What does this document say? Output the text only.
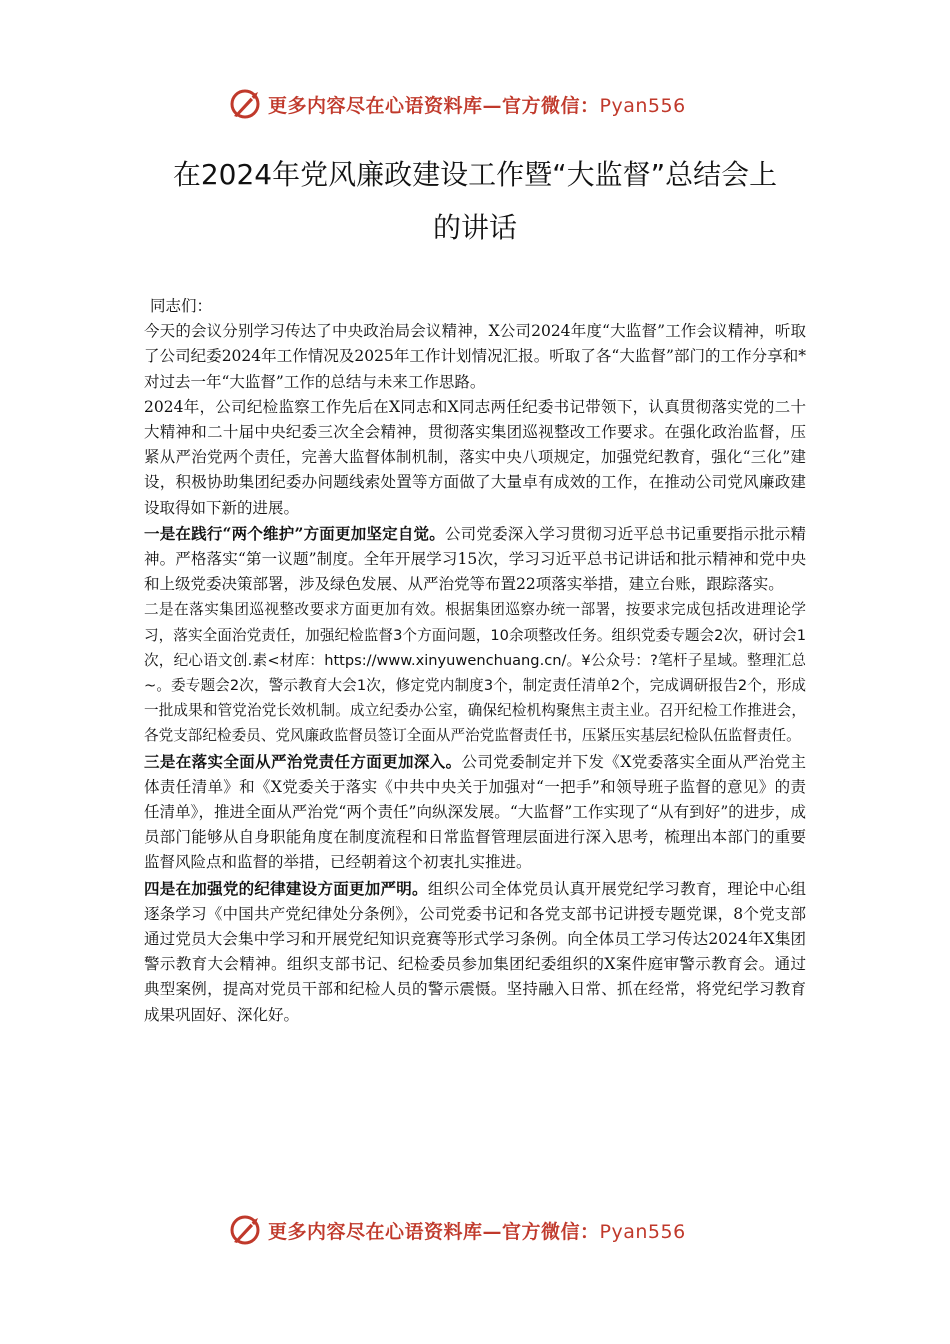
更多内容尽在心语资料库—官方微信：Pyan556
在2024年党风廉政建设工作暨“大监督”总结会上
的讲话

同志们：

今天的会议分别学习传达了中央政治局会议精神，X公司2024年度“大监督”工作会议精神，听取了公司纪委2024年工作情况及2025年工作计划情况汇报。听取了各“大监督”部门的工作分享和*对过去一年“大监督”工作的总结与未来工作思路。

2024年，公司纪检监察工作先后在X同志和X同志两任纪委书记带领下，认真贯彻落实党的二十大精神和二十届中央纪委三次全会精神，贯彻落实集团巡视整改工作要求。在强化政治监督，压紧从严治党两个责任，完善大监督体制机制，落实中央八项规定，加强党纪教育，强化“三化”建设，积极协助集团纪委办问题线索处置等方面做了大量卓有成效的工作，在推动公司党风廉政建设取得如下新的进展。

一是在践行“两个维护”方面更加坚定自觉。公司党委深入学习贯彻习近平总书记重要指示批示精神。严格落实“第一议题”制度。全年开展学习15次，学习习近平总书记讲话和批示精神和党中央和上级党委决策部署，涉及绿色发展、从严治党等布置22项落实举措，建立台账，跟踪落实。

二是在落实集团巡视整改要求方面更加有效。根据集团巡察办统一部署，按要求完成包括改进理论学习，落实全面治党责任，加强纪检监督3个方面问题，10余项整改任务。组织党委专题会2次，研讨会1次，纪心语文创.素<材库：https://www.xinyuwenchuang.cn/。¥公众号：?笔杆子星域。整理汇总~。委专题会2次，警示教育大会1次，修定党内制度3个，制定责任清单2个，完成调研报告2个，形成一批成果和管党治党长效机制。成立纪委办公室，确保纪检机构聚焦主责主业。召开纪检工作推进会，各党支部纪检委员、党风廉政监督员签订全面从严治党监督责任书，压紧压实基层纪检队伍监督责任。

三是在落实全面从严治党责任方面更加深入。公司党委制定并下发《X党委落实全面从严治党主体责任清单》和《X党委关于落实《中共中央关于加强对“一把手”和领导班子监督的意见》的责任清单》，推进全面从严治党“两个责任”向纵深发展。“大监督”工作实现了“从有到好”的进步，成员部门能够从自身职能角度在制度流程和日常监督管理层面进行深入思考，梳理出本部门的重要监督风险点和监督的举措，已经朝着这个初衷扎实推进。

四是在加强党的纪律建设方面更加严明。组织公司全体党员认真开展党纪学习教育，理论中心组逐条学习《中国共产党纪律处分条例》，公司党委书记和各党支部书记讲授专题党课，8个党支部通过党员大会集中学习和开展党纪知识竞赛等形式学习条例。向全体员工学习传达2024年X集团警示教育大会精神。组织支部书记、纪检委员参加集团纪委组织的X案件庭审警示教育会。通过典型案例，提高对党员干部和纪检人员的警示震慑。坚持融入日常、抓在经常，将党纪学习教育成果巩固好、深化好。

更多内容尽在心语资料库—官方微信：Pyan556
